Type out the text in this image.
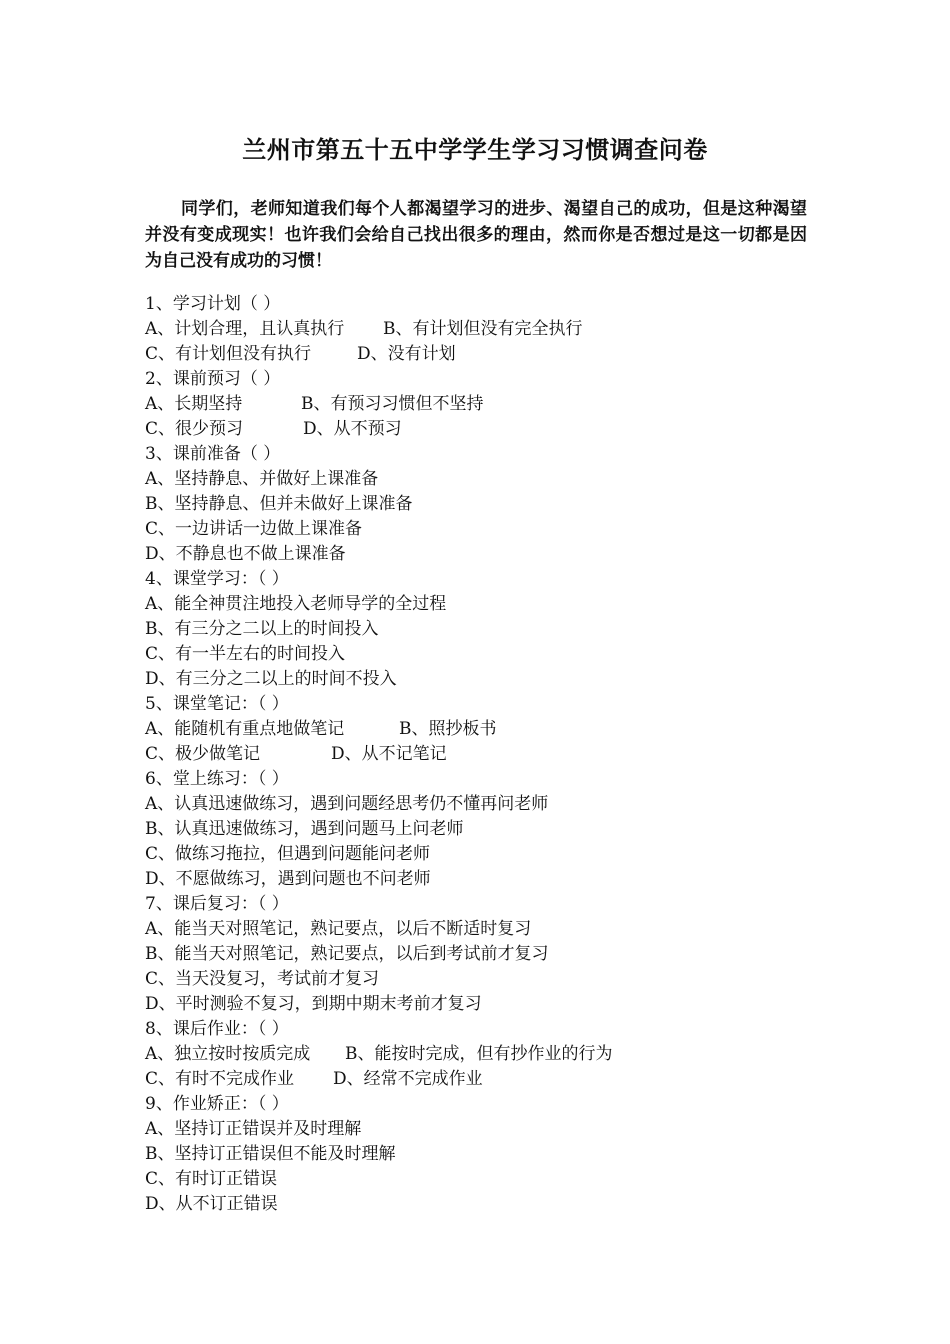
兰州市第五十五中学学生学习习惯调查问卷
同学们，老师知道我们每个人都渴望学习的进步、渴望自己的成功，但是这种渴望并没有变成现实！也许我们会给自己找出很多的理由，然而你是否想过是这一切都是因为自己没有成功的习惯！
1、学习计划（ ）
A、计划合理，且认真执行 B、有计划但没有完全执行
C、有计划但没有执行	D、没有计划
2、课前预习（ ）
A、长期坚持	B、有预习习惯但不坚持
C、很少预习	D、从不预习
3、课前准备（ ）
A、坚持静息、并做好上课准备
B、坚持静息、但并未做好上课准备
C、一边讲话一边做上课准备
D、不静息也不做上课准备
4、课堂学习：（ ）
A、能全神贯注地投入老师导学的全过程
B、有三分之二以上的时间投入
C、有一半左右的时间投入
D、有三分之二以上的时间不投入
5、课堂笔记：（ ）
A、能随机有重点地做笔记	B、照抄板书
C、极少做笔记	D、从不记笔记
6、堂上练习：（ ）
A、认真迅速做练习，遇到问题经思考仍不懂再问老师
B、认真迅速做练习，遇到问题马上问老师
C、做练习拖拉，但遇到问题能问老师
D、不愿做练习，遇到问题也不问老师
7、课后复习：（ ）
A、能当天对照笔记，熟记要点，以后不断适时复习
B、能当天对照笔记，熟记要点，以后到考试前才复习
C、当天没复习，考试前才复习
D、平时测验不复习，到期中期末考前才复习
8、课后作业：（ ）
A、独立按时按质完成 B、能按时完成，但有抄作业的行为
C、有时不完成作业 D、经常不完成作业
9、作业矫正：（ ）
A、坚持订正错误并及时理解
B、坚持订正错误但不能及时理解
C、有时订正错误
D、从不订正错误
